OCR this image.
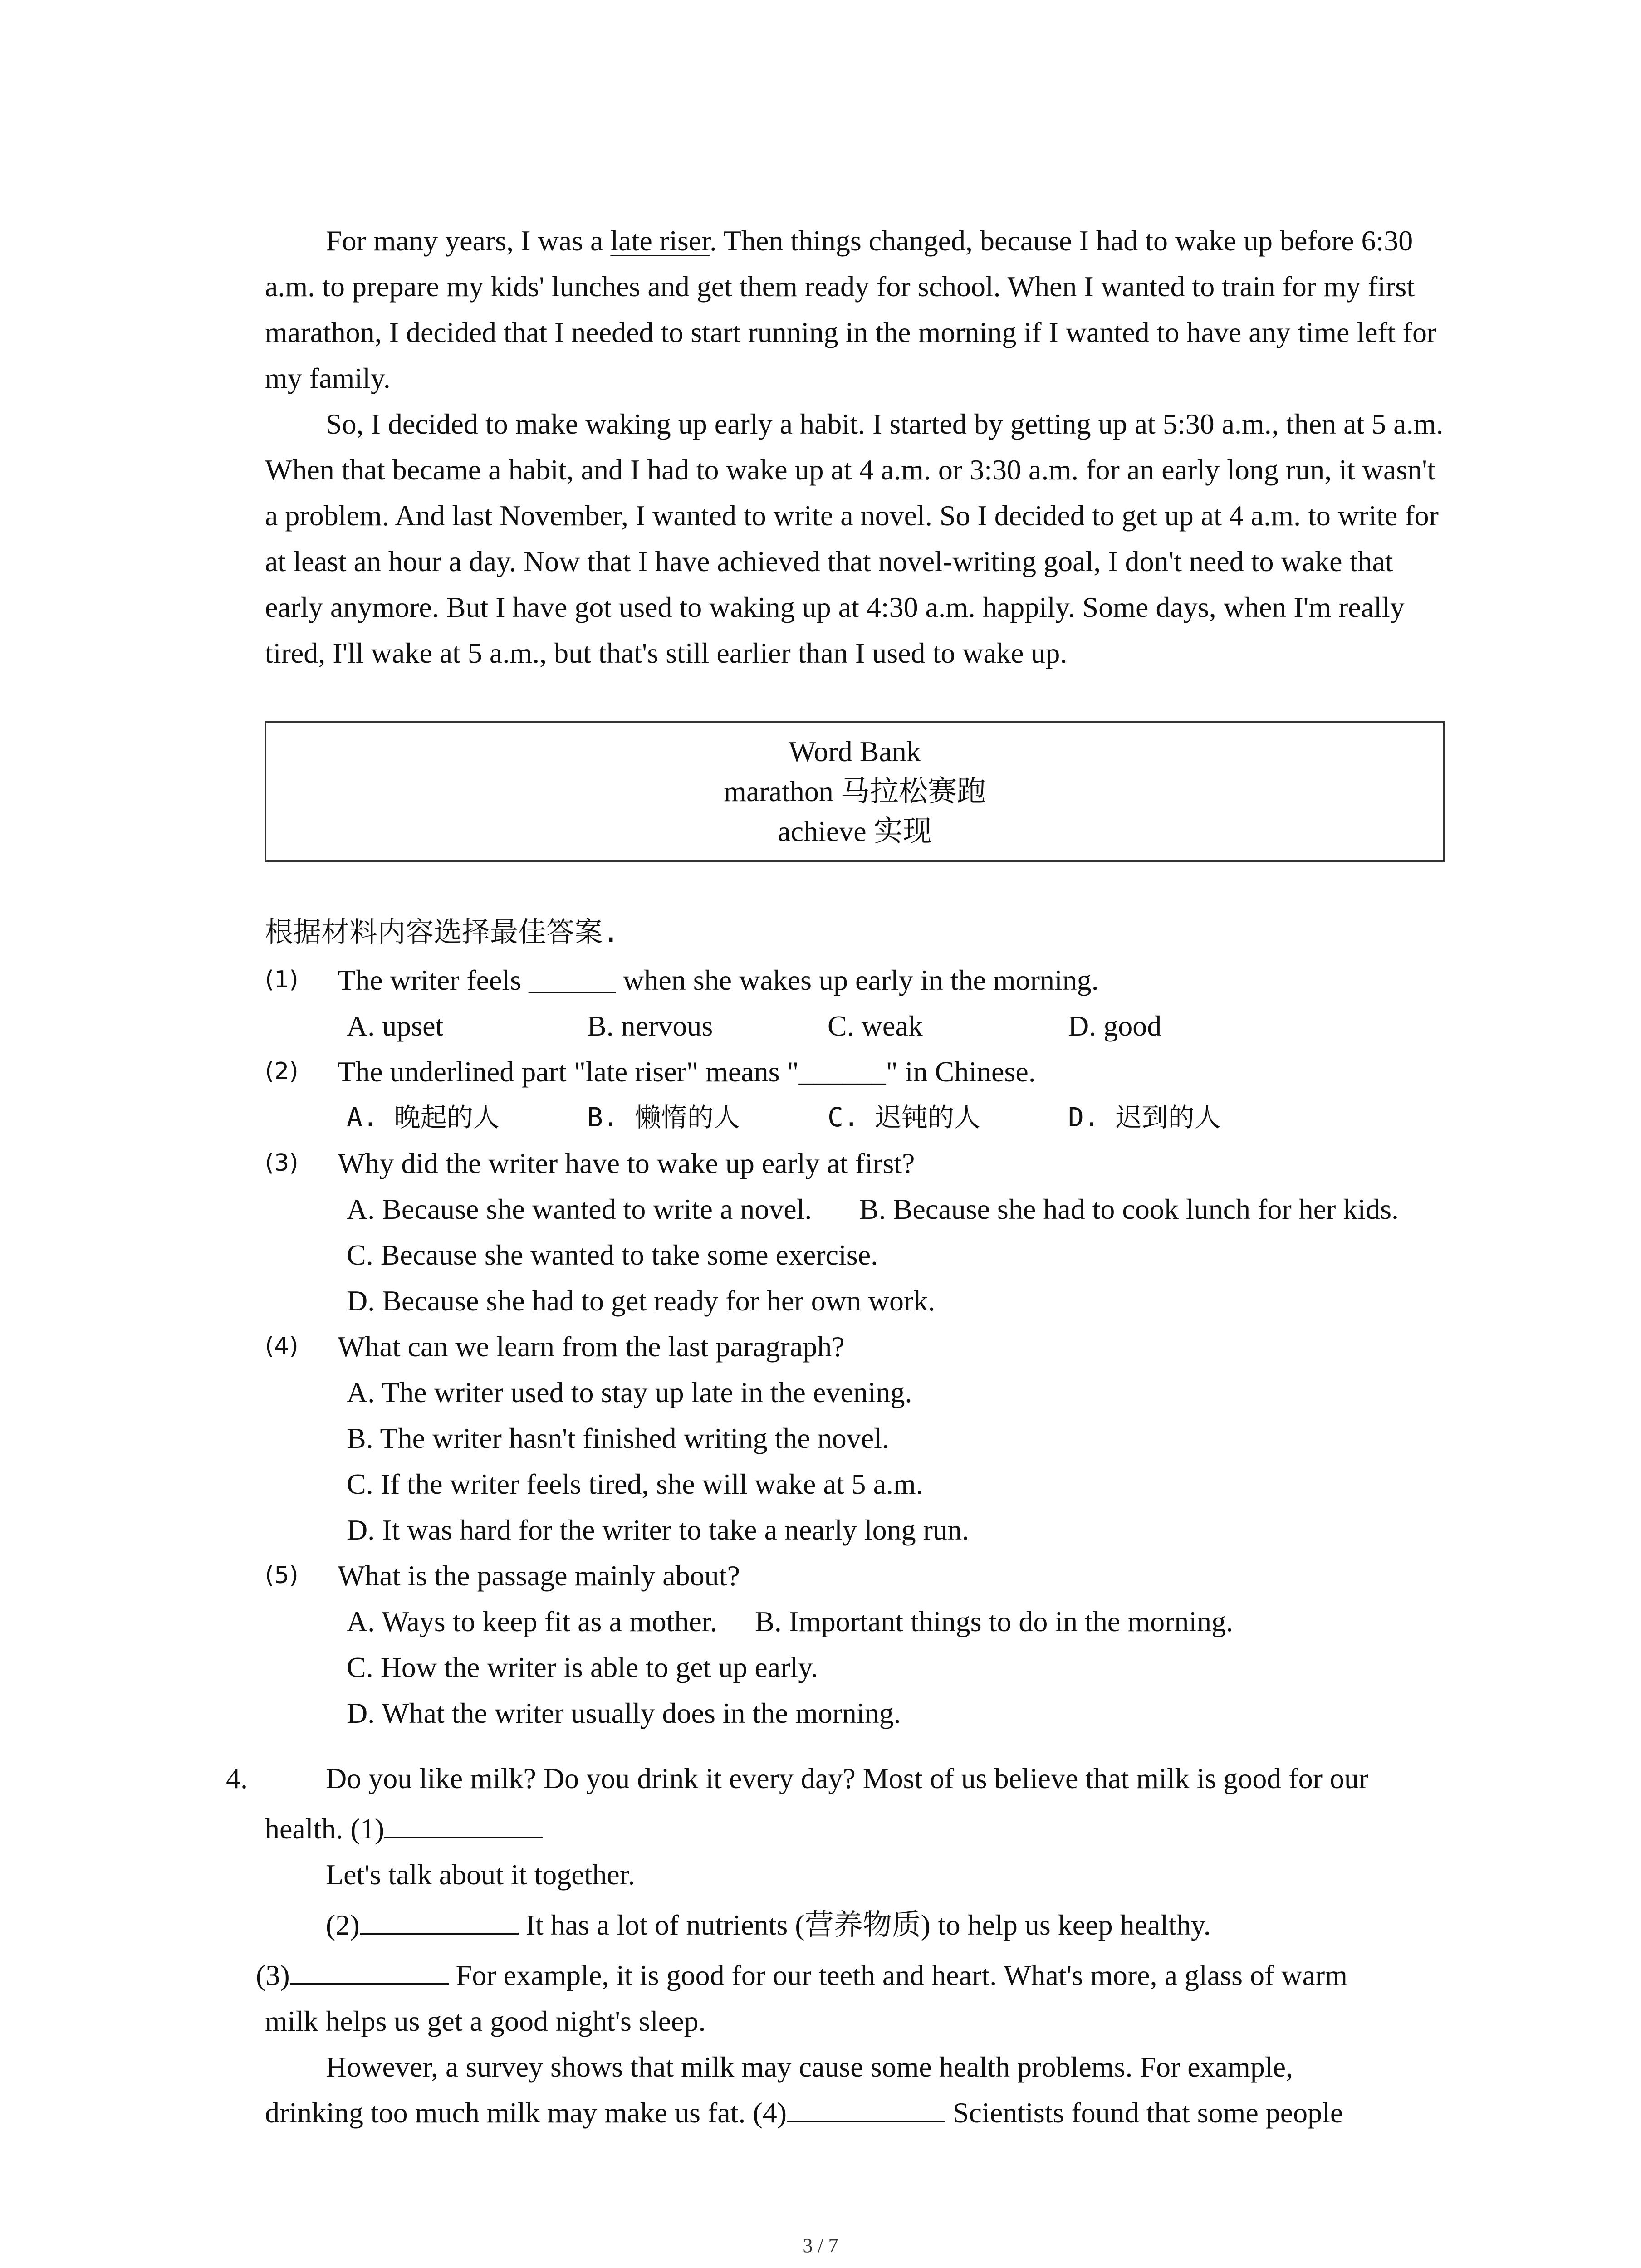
For many years, I was a late riser. Then things changed, because I had to wake up before 6:30 a.m. to prepare my kids' lunches and get them ready for school. When I wanted to train for my first marathon, I decided that I needed to start running in the morning if I wanted to have any time left for my family.

So, I decided to make waking up early a habit. I started by getting up at 5:30 a.m., then at 5 a.m. When that became a habit, and I had to wake up at 4 a.m. or 3:30 a.m. for an early long run, it wasn't a problem. And last November, I wanted to write a novel. So I decided to get up at 4 a.m. to write for at least an hour a day. Now that I have achieved that novel-writing goal, I don't need to wake that early anymore. But I have got used to waking up at 4:30 a.m. happily. Some days, when I'm really tired, I'll wake at 5 a.m., but that's still earlier than I used to wake up.

Word Bank
marathon 马拉松赛跑
achieve 实现
根据材料内容选择最佳答案.
(1) The writer feels ______ when she wakes up early in the morning.
A. upset	B. nervous	C. weak	D. good
(2) The underlined part "late riser" means "______" in Chinese.
A. 晚起的人	B. 懒惰的人	C. 迟钝的人	D. 迟到的人
(3) Why did the writer have to wake up early at first?
A. Because she wanted to write a novel. B. Because she had to cook lunch for her kids.
C. Because she wanted to take some exercise.
D. Because she had to get ready for her own work.
(4) What can we learn from the last paragraph?
A. The writer used to stay up late in the evening.
B. The writer hasn't finished writing the novel.
C. If the writer feels tired, she will wake at 5 a.m.
D. It was hard for the writer to take a nearly long run.
(5) What is the passage mainly about?
A. Ways to keep fit as a mother. B. Important things to do in the morning.
C. How the writer is able to get up early.
D. What the writer usually does in the morning.
4.	Do you like milk? Do you drink it every day? Most of us believe that milk is good for our

health. (1)

Let's talk about it together.

(2)	It has a lot of nutrients (营养物质) to help us keep healthy.

(3)	For example, it is good for our teeth and heart. What's more, a glass of warm

milk helps us get a good night's sleep.

However, a survey shows that milk may cause some health problems. For example,

drinking too much milk may make us fat. (4)	Scientists found that some people

3 / 7
